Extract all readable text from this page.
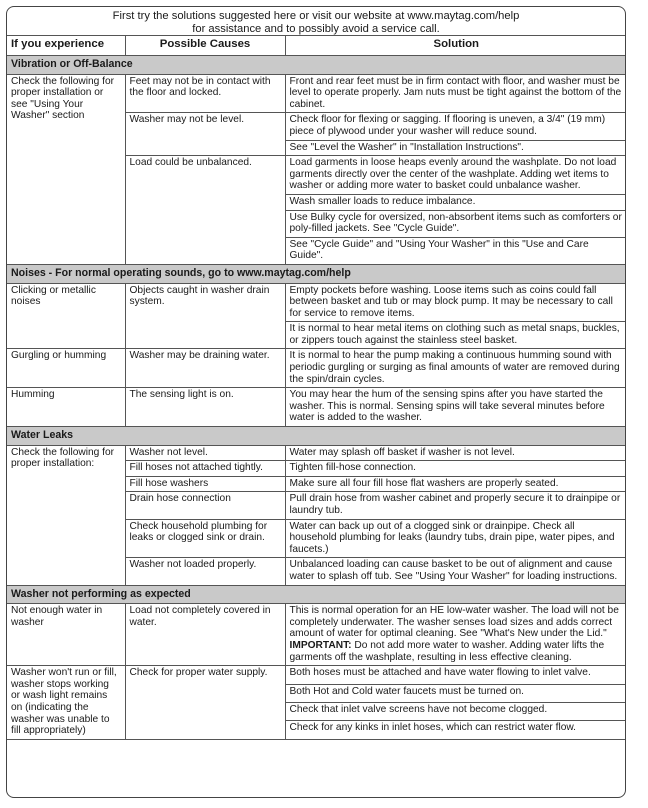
First try the solutions suggested here or visit our website at www.maytag.com/help
for assistance and to possibly avoid a service call.
If you experience	Possible Causes	Solution
Vibration or Off-Balance		
Check the following for proper installation or see "Using Your Washer" section	Feet may not be in contact with the floor and locked.	Front and rear feet must be in firm contact with floor, and washer must be level to operate properly. Jam nuts must be tight against the bottom of the cabinet.
	Washer may not be level.	Check floor for flexing or sagging. If flooring is uneven, a 3/4" (19 mm) piece of plywood under your washer will reduce sound.
		See "Level the Washer" in "Installation Instructions".
	Load could be unbalanced.	Load garments in loose heaps evenly around the washplate. Do not load garments directly over the center of the washplate. Adding wet items to washer or adding more water to basket could unbalance washer.
		Wash smaller loads to reduce imbalance.
		Use Bulky cycle for oversized, non-absorbent items such as comforters or poly-filled jackets. See "Cycle Guide".
		See "Cycle Guide" and "Using Your Washer" in this "Use and Care Guide".
Noises - For normal operating sounds, go to www.maytag.com/help		
Clicking or metallic noises	Objects caught in washer drain system.	Empty pockets before washing. Loose items such as coins could fall between basket and tub or may block pump. It may be necessary to call for service to remove items.
		It is normal to hear metal items on clothing such as metal snaps, buckles, or zippers touch against the stainless steel basket.
Gurgling or humming	Washer may be draining water.	It is normal to hear the pump making a continuous humming sound with periodic gurgling or surging as final amounts of water are removed during the spin/drain cycles.
Humming	The sensing light is on.	You may hear the hum of the sensing spins after you have started the washer. This is normal. Sensing spins will take several minutes before water is added to the washer.
Water Leaks		
Check the following for proper installation:	Washer not level.	Water may splash off basket if washer is not level.
	Fill hoses not attached tightly.	Tighten fill-hose connection.
	Fill hose washers	Make sure all four fill hose flat washers are properly seated.
	Drain hose connection	Pull drain hose from washer cabinet and properly secure it to drainpipe or laundry tub.
	Check household plumbing for leaks or clogged sink or drain.	Water can back up out of a clogged sink or drainpipe. Check all household plumbing for leaks (laundry tubs, drain pipe, water pipes, and faucets.)
	Washer not loaded properly.	Unbalanced loading can cause basket to be out of alignment and cause water to splash off tub. See "Using Your Washer" for loading instructions.
Washer not performing as expected		
Not enough water in washer	Load not completely covered in water.	This is normal operation for an HE low-water washer. The load will not be completely underwater. The washer senses load sizes and adds correct amount of water for optimal cleaning. See "What's New under the Lid."
IMPORTANT: Do not add more water to washer. Adding water lifts the garments off the washplate, resulting in less effective cleaning.

Washer won't run or fill, washer stops working or wash light remains on (indicating the washer was unable to fill appropriately)	Check for proper water supply.	Both hoses must be attached and have water flowing to inlet valve.
		Both Hot and Cold water faucets must be turned on.
		Check that inlet valve screens have not become clogged.
		Check for any kinks in inlet hoses, which can restrict water flow.
